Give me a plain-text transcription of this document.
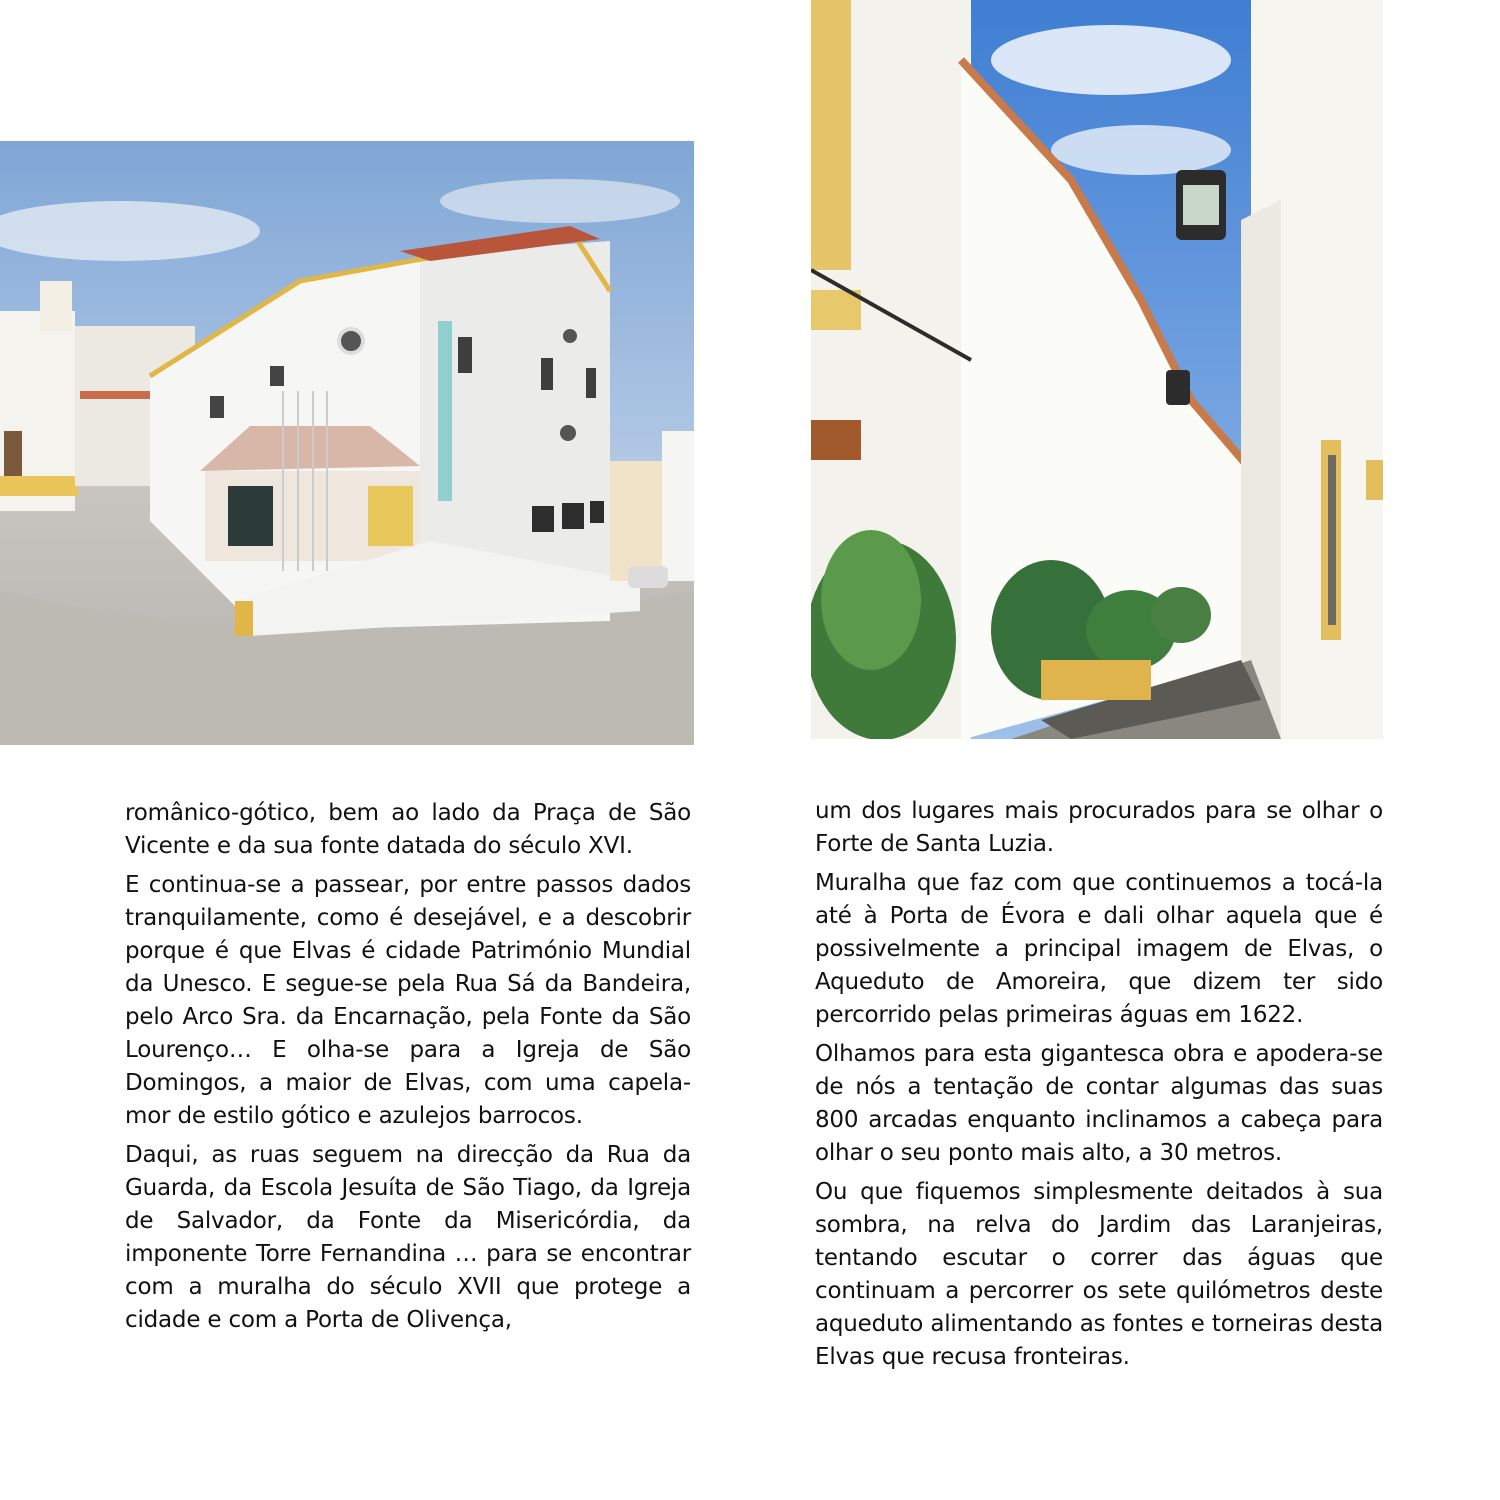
românico-gótico, bem ao lado da Praça de São Vicente e da sua fonte datada do século XVI.

E continua-se a passear, por entre passos dados tranquilamente, como é desejável, e a descobrir porque é que Elvas é cidade Património Mundial da Unesco. E segue-se pela Rua Sá da Bandeira, pelo Arco Sra. da Encarnação, pela Fonte da São Lourenço… E olha-se para a Igreja de São Domingos, a maior de Elvas, com uma capela-mor de estilo gótico e azulejos barrocos.

Daqui, as ruas seguem na direcção da Rua da Guarda, da Escola Jesuíta de São Tiago, da Igreja de Salvador, da Fonte da Misericórdia, da imponente Torre Fernandina … para se encontrar com a muralha do século XVII que protege a cidade e com a Porta de Olivença,

um dos lugares mais procurados para se olhar o Forte de Santa Luzia.

Muralha que faz com que continuemos a tocá-la até à Porta de Évora e dali olhar aquela que é possivelmente a principal imagem de Elvas, o Aqueduto de Amoreira, que dizem ter sido percorrido pelas primeiras águas em 1622.

Olhamos para esta gigantesca obra e apodera-se de nós a tentação de contar algumas das suas 800 arcadas enquanto inclinamos a cabeça para olhar o seu ponto mais alto, a 30 metros.

Ou que fiquemos simplesmente deitados à sua sombra, na relva do Jardim das Laranjeiras, tentando escutar o correr das águas que continuam a percorrer os sete quilómetros deste aqueduto alimentando as fontes e torneiras desta Elvas que recusa fronteiras.
